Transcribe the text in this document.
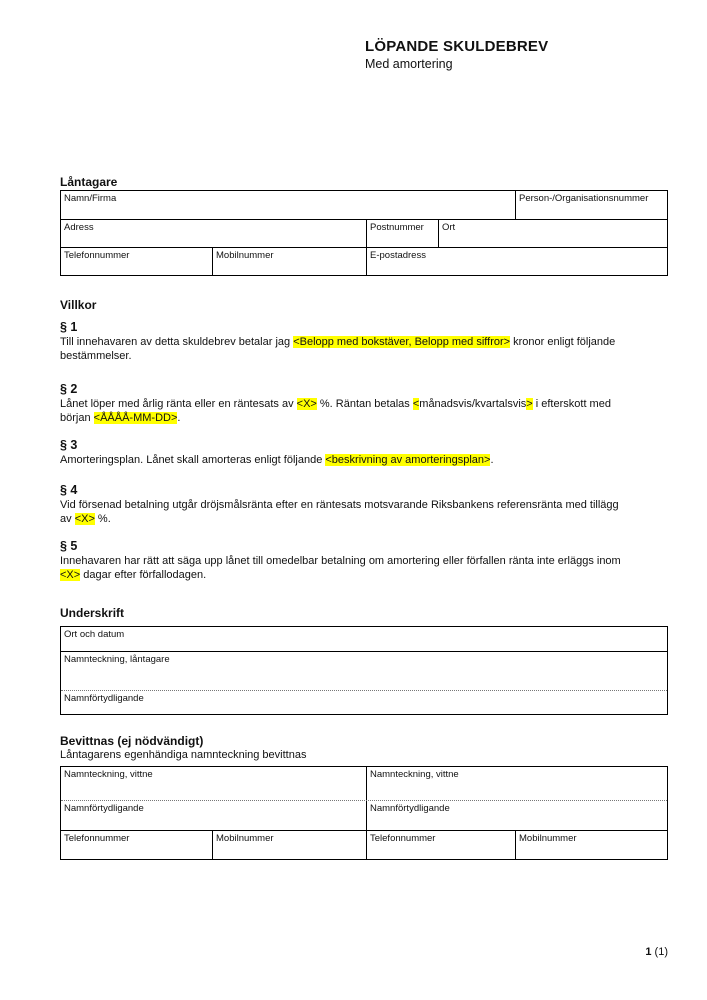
LÖPANDE SKULDEBREV
Med amortering
Låntagare
Namn/Firma	Person-/Organisationsnummer
Adress	Postnummer	Ort
Telefonnummer	Mobilnummer	E-postadress
Villkor
§ 1
Till innehavaren av detta skuldebrev betalar jag <Belopp med bokstäver, Belopp med siffror> kronor enligt följande
bestämmelser.
§ 2
Lånet löper med årlig ränta eller en räntesats av <X> %. Räntan betalas <månadsvis/kvartalsvis> i efterskott med
början <ÅÅÅÅ-MM-DD>.
§ 3
Amorteringsplan. Lånet skall amorteras enligt följande <beskrivning av amorteringsplan>.
§ 4
Vid försenad betalning utgår dröjsmålsränta efter en räntesats motsvarande Riksbankens referensränta med tillägg
av <X> %.
§ 5
Innehavaren har rätt att säga upp lånet till omedelbar betalning om amortering eller förfallen ränta inte erläggs inom
<X> dagar efter förfallodagen.
Underskrift
Ort och datum
Namnteckning, låntagare
Namnförtydligande
Bevittnas (ej nödvändigt)
Låntagarens egenhändiga namnteckning bevittnas
Namnteckning, vittne	Namnteckning, vittne
Namnförtydligande	Namnförtydligande
Telefonnummer	Mobilnummer	Telefonnummer	Mobilnummer
1 (1)
